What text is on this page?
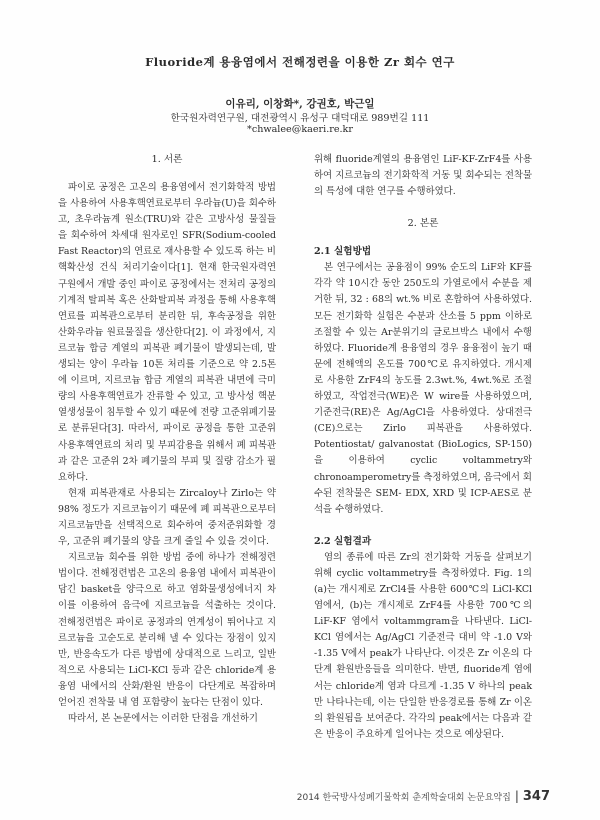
Fluoride계 용융염에서 전해정련을 이용한 Zr 회수 연구
이유리, 이창화*, 강권호, 박근일
한국원자력연구원, 대전광역시 유성구 대덕대로 989번길 111
*chwalee@kaeri.re.kr
1. 서론

파이로 공정은 고온의 용융염에서 전기화학적 방법을 사용하여 사용후핵연료로부터 우라늄(U)을 회수하고, 초우라늄계 원소(TRU)와 같은 고방사성 물질들을 회수하여 차세대 원자로인 SFR(Sodium-cooled Fast Reactor)의 연료로 재사용할 수 있도록 하는 비핵확산성 건식 처리기술이다[1]. 현재 한국원자력연구원에서 개발 중인 파이로 공정에서는 전처리 공정의 기계적 탈피복 혹은 산화탈피복 과정을 통해 사용후핵연료를 피복관으로부터 분리한 뒤, 후속공정을 위한 산화우라늄 원료물질을 생산한다[2]. 이 과정에서, 지르코늄 합금 계열의 피복관 폐기물이 발생되는데, 발생되는 양이 우라늄 10톤 처리를 기준으로 약 2.5톤에 이르며, 지르코늄 합금 계열의 피복관 내면에 극미량의 사용후핵연료가 잔류할 수 있고, 고 방사성 핵분열생성물이 침투할 수 있기 때문에 전량 고준위폐기물로 분류된다[3]. 따라서, 파이로 공정을 통한 고준위 사용후핵연료의 처리 및 부피감용을 위해서 폐 피복관과 같은 고준위 2차 폐기물의 부피 및 질량 감소가 필요하다.

현재 피복관재로 사용되는 Zircaloy나 Zirlo는 약 98% 정도가 지르코늄이기 때문에 폐 피복관으로부터 지르코늄만을 선택적으로 회수하여 중저준위화할 경우, 고준위 폐기물의 양을 크게 줄일 수 있을 것이다.

지르코늄 회수를 위한 방법 중에 하나가 전해정련법이다. 전해정련법은 고온의 용융염 내에서 피복관이 담긴 basket을 양극으로 하고 염화물생성에너지 차이를 이용하여 음극에 지르코늄을 석출하는 것이다. 전해정련법은 파이로 공정과의 연계성이 뛰어나고 지르코늄을 고순도로 분리해 낼 수 있다는 장점이 있지만, 반응속도가 다른 방법에 상대적으로 느리고, 일반적으로 사용되는 LiCl-KCl 등과 같은 chloride계 용융염 내에서의 산화/환원 반응이 다단계로 복잡하며 얻어진 전착물 내 염 포함량이 높다는 단점이 있다.

따라서, 본 논문에서는 이러한 단점을 개선하기

위해 fluoride계열의 용융염인 LiF-KF-ZrF4를 사용하여 지르코늄의 전기화학적 거동 및 회수되는 전착물의 특성에 대한 연구를 수행하였다.

2. 본론
2.1 실험방법

본 연구에서는 공융점이 99% 순도의 LiF와 KF를 각각 약 10시간 동안 250도의 가열로에서 수분을 제거한 뒤, 32 : 68의 wt.% 비로 혼합하여 사용하였다. 모든 전기화학 실험은 수분과 산소를 5 ppm 이하로 조절할 수 있는 Ar분위기의 글로브박스 내에서 수행하였다. Fluoride계 용융염의 경우 융융점이 높기 때문에 전해액의 온도를 700℃로 유지하였다. 개시제로 사용한 ZrF4의 농도를 2.3wt.%, 4wt.%로 조절하였고, 작업전극(WE)은 W wire를 사용하였으며, 기준전극(RE)은 Ag/AgCl을 사용하였다. 상대전극(CE)으로는 Zirlo 피복관을 사용하였다. Potentiostat/ galvanostat (BioLogics, SP-150)을 이용하여 cyclic voltammetry와 chronoamperometry를 측정하였으며, 음극에서 회수된 전착물은 SEM- EDX, XRD 및 ICP-AES로 분석을 수행하였다.

2.2 실험결과

염의 종류에 따른 Zr의 전기화학 거동을 살펴보기 위해 cyclic voltammetry를 측정하였다. Fig. 1의 (a)는 개시제로 ZrCl4를 사용한 600℃의 LiCl-KCl 염에서, (b)는 개시제로 ZrF4를 사용한 700℃의 LiF-KF 염에서 voltammgram을 나타낸다. LiCl-KCl 염에서는 Ag/AgCl 기준전극 대비 약 -1.0 V와 -1.35 V에서 peak가 나타난다. 이것은 Zr 이온의 다단계 환원반응들을 의미한다. 반면, fluoride계 염에서는 chloride계 염과 다르게 -1.35 V 하나의 peak만 나타나는데, 이는 단일한 반응경로를 통해 Zr 이온의 환원됨을 보여준다. 각각의 peak에서는 다음과 같은 반응이 주요하게 일어나는 것으로 예상된다.

2014 한국방사성폐기물학회 춘계학술대회 논문요약집 | 347
